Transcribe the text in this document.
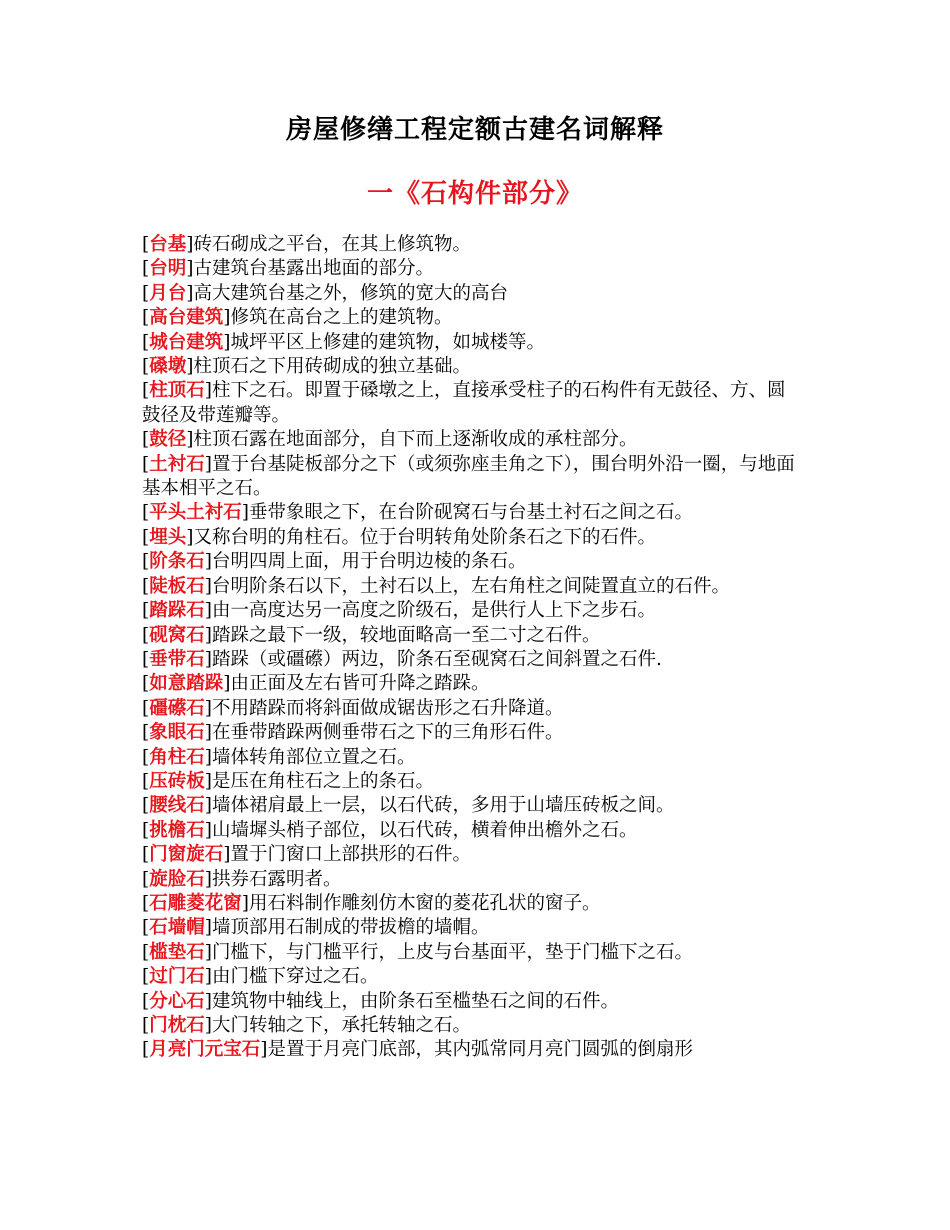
房屋修缮工程定额古建名词解释
一《石构件部分》
[台基]砖石砌成之平台，在其上修筑物。
[台明]古建筑台基露出地面的部分。
[月台]高大建筑台基之外，修筑的宽大的高台
[高台建筑]修筑在高台之上的建筑物。
[城台建筑]城坪平区上修建的建筑物，如城楼等。
[磉墩]柱顶石之下用砖砌成的独立基础。
[柱顶石]柱下之石。即置于磉墩之上，直接承受柱子的石构件有无鼓径、方、圆鼓径及带莲瓣等。
[鼓径]柱顶石露在地面部分，自下而上逐渐收成的承柱部分。
[土衬石]置于台基陡板部分之下（或须弥座圭角之下），围台明外沿一圈，与地面基本相平之石。
[平头土衬石]垂带象眼之下，在台阶砚窝石与台基土衬石之间之石。
[埋头]又称台明的角柱石。位于台明转角处阶条石之下的石件。
[阶条石]台明四周上面，用于台明边棱的条石。
[陡板石]台明阶条石以下，土衬石以上，左右角柱之间陡置直立的石件。
[踏跺石]由一高度达另一高度之阶级石，是供行人上下之步石。
[砚窝石]踏跺之最下一级，较地面略高一至二寸之石件。
[垂带石]踏跺（或礓礤）两边，阶条石至砚窝石之间斜置之石件.
[如意踏跺]由正面及左右皆可升降之踏跺。
[礓礤石]不用踏跺而将斜面做成锯齿形之石升降道。
[象眼石]在垂带踏跺两侧垂带石之下的三角形石件。
[角柱石]墙体转角部位立置之石。
[压砖板]是压在角柱石之上的条石。
[腰线石]墙体裙肩最上一层，以石代砖，多用于山墙压砖板之间。
[挑檐石]山墙墀头梢子部位，以石代砖，横着伸出檐外之石。
[门窗旋石]置于门窗口上部拱形的石件。
[旋脸石]拱券石露明者。
[石雕菱花窗]用石料制作雕刻仿木窗的菱花孔状的窗子。
[石墙帽]墙顶部用石制成的带拔檐的墙帽。
[槛垫石]门槛下，与门槛平行，上皮与台基面平，垫于门槛下之石。
[过门石]由门槛下穿过之石。
[分心石]建筑物中轴线上，由阶条石至槛垫石之间的石件。
[门枕石]大门转轴之下，承托转轴之石。
[月亮门元宝石]是置于月亮门底部，其内弧常同月亮门圆弧的倒扇形
